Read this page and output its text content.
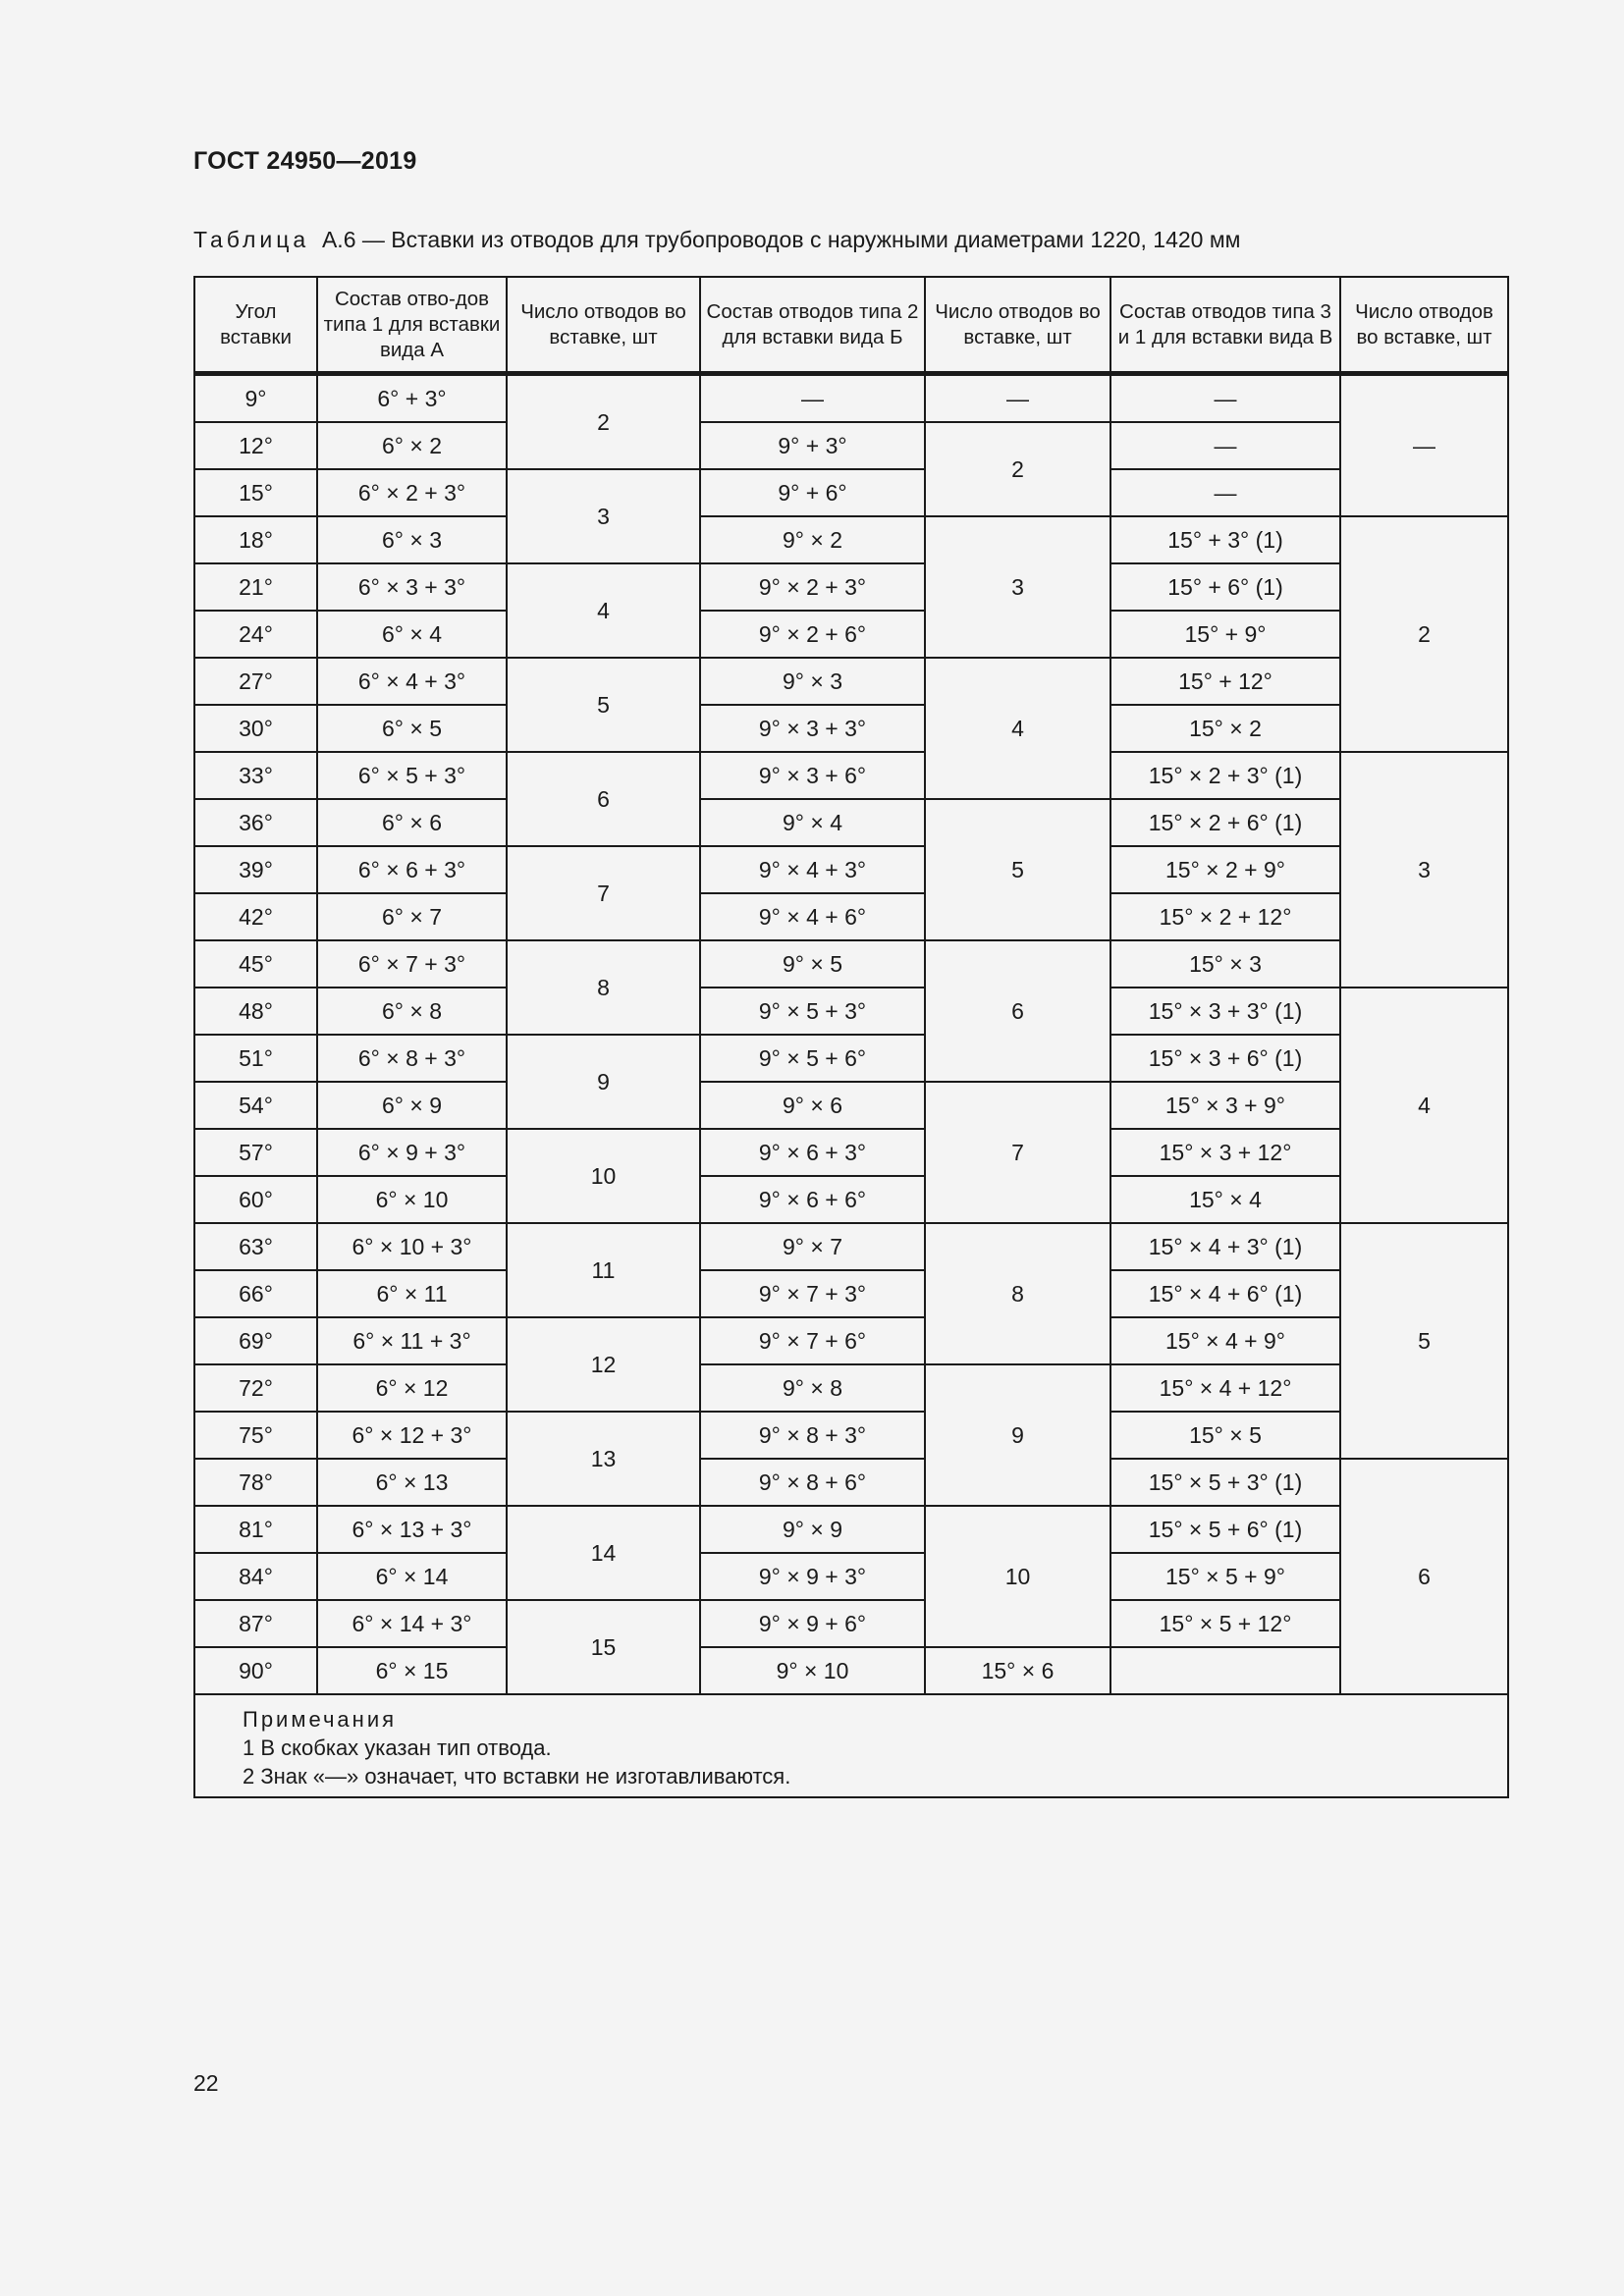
ГОСТ 24950—2019
Таблица А.6 — Вставки из отводов для трубопроводов с наружными диаметрами 1220, 1420 мм
Угол вставки	Состав отво-дов типа 1 для вставки вида А	Число отводов во вставке, шт	Состав отводов типа 2 для вставки вида Б	Число отводов во вставке, шт	Состав отводов типа 3 и 1 для вставки вида В	Число отводов во вставке, шт
9°	6° + 3°	2	—	—	—	—
12°	6° × 2		9° + 3°	2	—	
15°	6° × 2 + 3°	3	9° + 6°		—	
18°	6° × 3		9° × 2	3	15° + 3° (1)	2
21°	6° × 3 + 3°	4	9° × 2 + 3°		15° + 6° (1)	
24°	6° × 4		9° × 2 + 6°		15° + 9°	
27°	6° × 4 + 3°	5	9° × 3	4	15° + 12°	
30°	6° × 5		9° × 3 + 3°		15° × 2	
33°	6° × 5 + 3°	6	9° × 3 + 6°		15° × 2 + 3° (1)	3
36°	6° × 6		9° × 4	5	15° × 2 + 6° (1)	
39°	6° × 6 + 3°	7	9° × 4 + 3°		15° × 2 + 9°	
42°	6° × 7		9° × 4 + 6°		15° × 2 + 12°	
45°	6° × 7 + 3°	8	9° × 5	6	15° × 3	
48°	6° × 8		9° × 5 + 3°		15° × 3 + 3° (1)	4
51°	6° × 8 + 3°	9	9° × 5 + 6°		15° × 3 + 6° (1)	
54°	6° × 9		9° × 6	7	15° × 3 + 9°	
57°	6° × 9 + 3°	10	9° × 6 + 3°		15° × 3 + 12°	
60°	6° × 10		9° × 6 + 6°		15° × 4	
63°	6° × 10 + 3°	11	9° × 7	8	15° × 4 + 3° (1)	5
66°	6° × 11		9° × 7 + 3°		15° × 4 + 6° (1)	
69°	6° × 11 + 3°	12	9° × 7 + 6°		15° × 4 + 9°	
72°	6° × 12		9° × 8	9	15° × 4 + 12°	
75°	6° × 12 + 3°	13	9° × 8 + 3°		15° × 5	
78°	6° × 13		9° × 8 + 6°		15° × 5 + 3° (1)	6
81°	6° × 13 + 3°	14	9° × 9	10	15° × 5 + 6° (1)	
84°	6° × 14		9° × 9 + 3°		15° × 5 + 9°	
87°	6° × 14 + 3°	15	9° × 9 + 6°		15° × 5 + 12°	
90°	6° × 15		9° × 10	15° × 6		

Примечания
1 В скобках указан тип отвода.
2 Знак «—» означает, что вставки не изготавливаются.						
22
